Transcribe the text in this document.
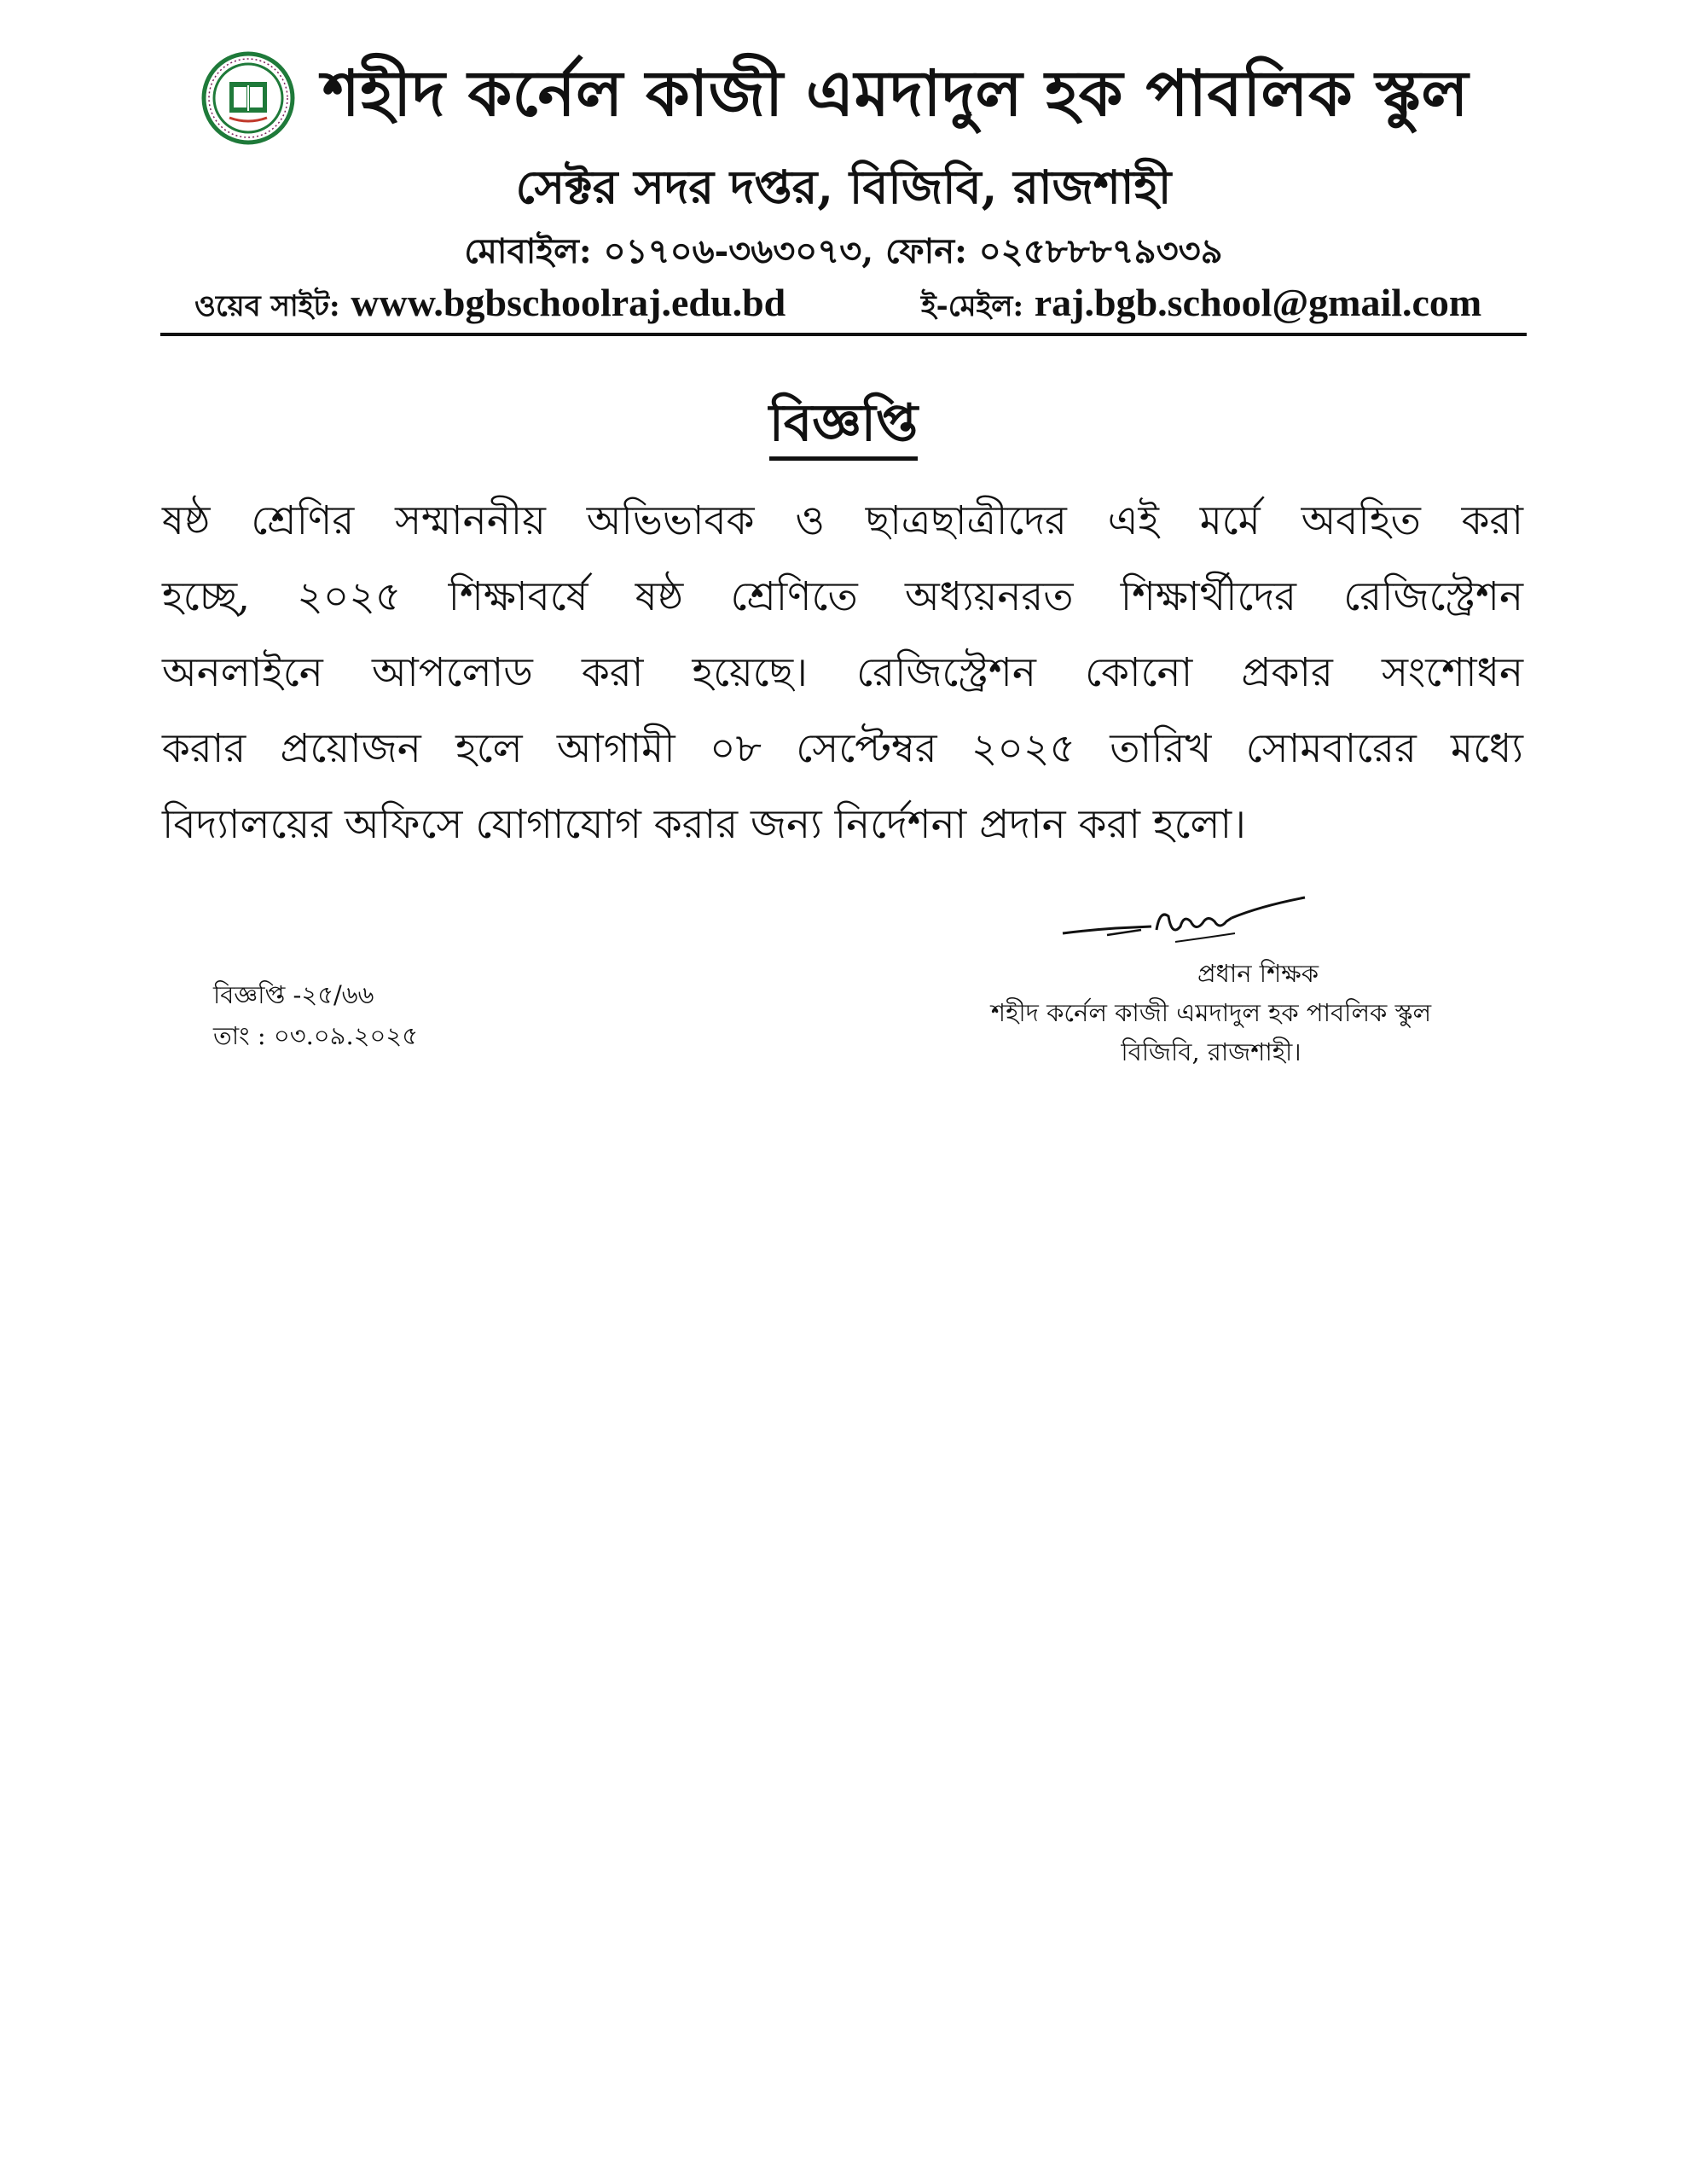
শহীদ কর্নেল কাজী এমদাদুল হক পাবলিক স্কুল
সেক্টর সদর দপ্তর, বিজিবি, রাজশাহী
মোবাইল: ০১৭০৬-৩৬৩০৭৩, ফোন: ০২৫৮৮৮৭৯৩৩৯
ওয়েব সাইট: www.bgbschoolraj.edu.bd	ই-মেইল: raj.bgb.school@gmail.com
বিজ্ঞপ্তি
ষষ্ঠ শ্রেণির সম্মাননীয় অভিভাবক ও ছাত্রছাত্রীদের এই মর্মে অবহিত করা
হচ্ছে, ২০২৫ শিক্ষাবর্ষে ষষ্ঠ শ্রেণিতে অধ্যয়নরত শিক্ষার্থীদের রেজিস্ট্রেশন
অনলাইনে আপলোড করা হয়েছে। রেজিস্ট্রেশন কোনো প্রকার সংশোধন
করার প্রয়োজন হলে আগামী ০৮ সেপ্টেম্বর ২০২৫ তারিখ সোমবারের মধ্যে
বিদ্যালয়ের অফিসে যোগাযোগ করার জন্য নির্দেশনা প্রদান করা হলো।
প্রধান শিক্ষক
শহীদ কর্নেল কাজী এমদাদুল হক পাবলিক স্কুল
বিজিবি, রাজশাহী।
বিজ্ঞপ্তি -২৫/৬৬
তাং : ০৩.০৯.২০২৫
